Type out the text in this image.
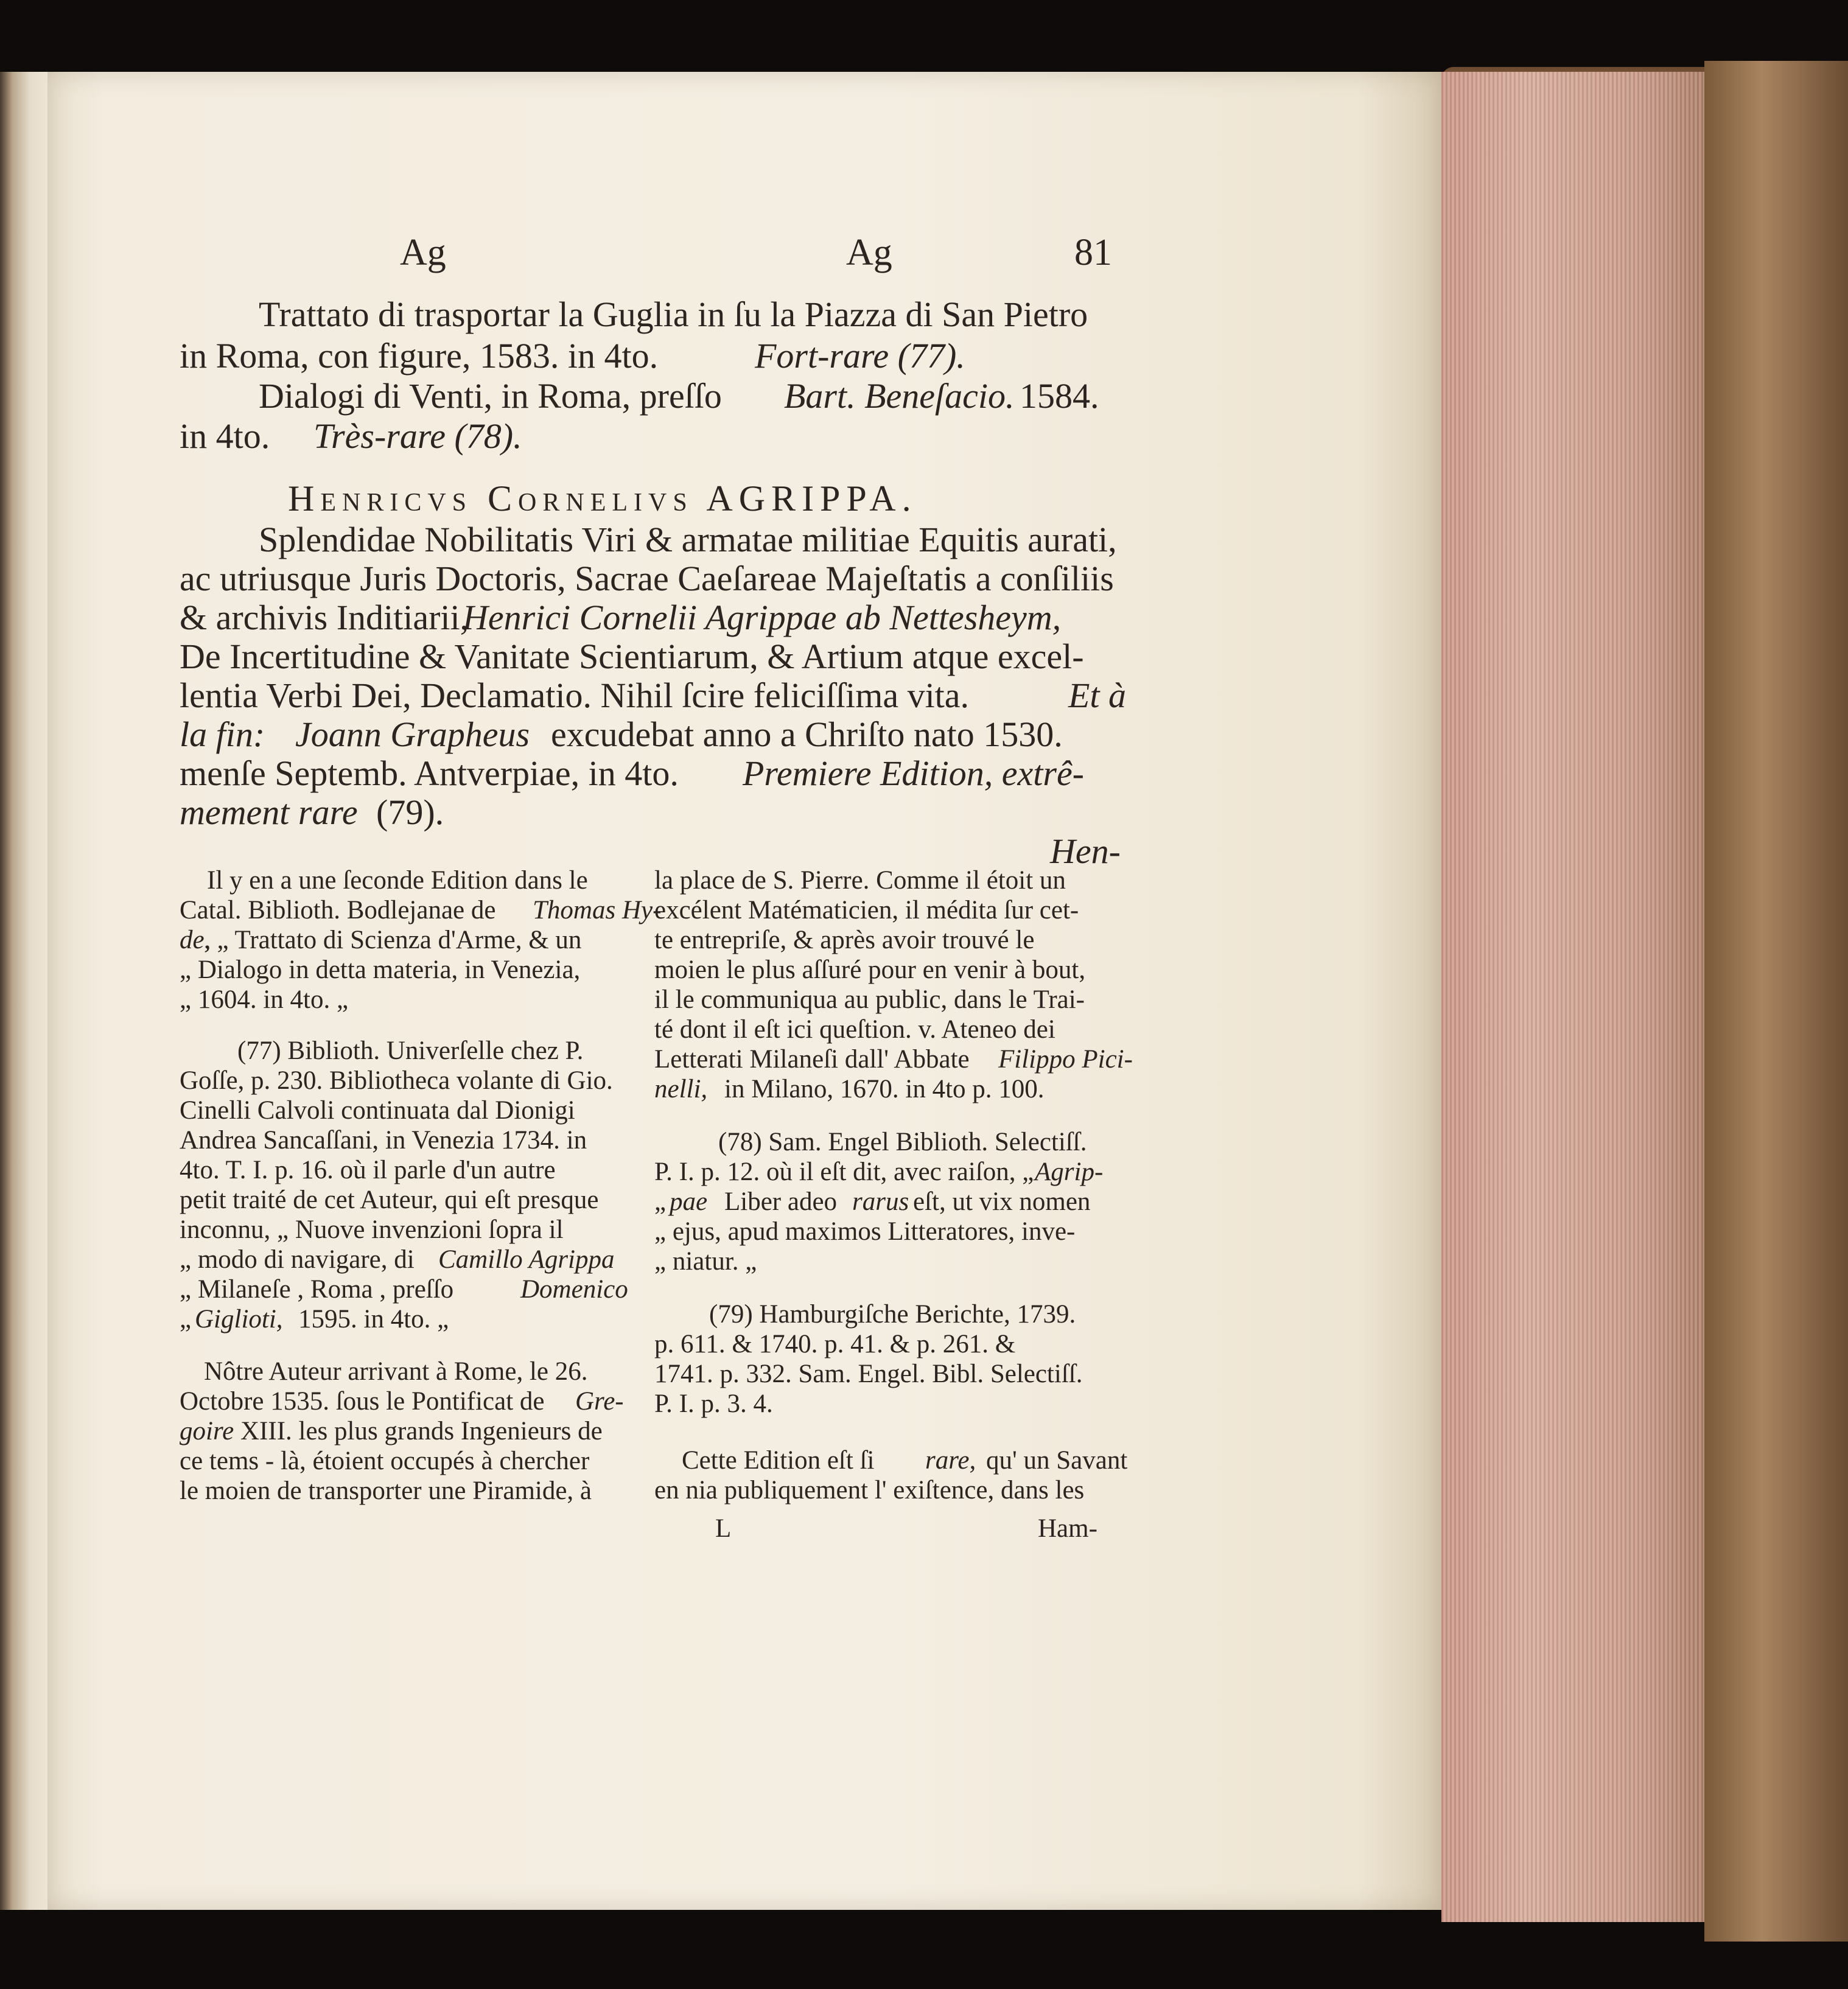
Ag	Ag	81
Trattato di trasportar la Guglia in ſu la Piazza di San Pietro
in Roma, con figure, 1583. in 4to.	Fort-rare (77).
Dialogi di Venti, in Roma, preſſo Bart. Beneſacio. 1584.
in 4to. Très-rare (78).
Henricvs Cornelivs AGRIPPA.
Splendidae Nobilitatis Viri & armatae militiae Equitis aurati,
ac utriusque Juris Doctoris, Sacrae Caeſareae Majeſtatis a conſiliis
& archivis Inditiarii,
Henrici Cornelii Agrippae ab Nettesheym,
De Incertitudine & Vanitate Scientiarum, & Artium atque excel-
lentia Verbi Dei, Declamatio. Nihil ſcire feliciſſima vita.	Et à
la fin: Joann Grapheus excudebat anno a Chriſto nato 1530.
menſe Septemb. Antverpiae, in 4to. Premiere Edition, extrê-
mement rare (79).
Hen-
Il y en a une ſeconde Edition dans le
Catal. Biblioth. Bodlejanae de Thomas Hy-
de,
, „ Trattato di Scienza d'Arme, & un
„ Dialogo in detta materia, in Venezia,
„ 1604. in 4to. „
(77) Biblioth. Univerſelle chez P.
Goſſe, p. 230. Bibliotheca volante di Gio.
Cinelli Calvoli continuata dal Dionigi
Andrea Sancaſſani, in Venezia 1734. in
4to. T. I. p. 16. où il parle d'un autre
petit traité de cet Auteur, qui eſt presque
inconnu, „ Nuove invenzioni ſopra il
„ modo di navigare, di Camillo Agrippa
„ Milaneſe , Roma , preſſo	Domenico
„ Giglioti, 1595. in 4to. „
Nôtre Auteur arrivant à Rome, le 26.
Octobre 1535. ſous le Pontificat de Gre-
goire XIII. les plus grands Ingenieurs de
ce tems - là, étoient occupés à chercher
le moien de transporter une Piramide, à
la place de S. Pierre. Comme il étoit un
excélent Matématicien, il médita ſur cet-
te entrepriſe, & après avoir trouvé le
moien le plus aſſuré pour en venir à bout,
il le communiqua au public, dans le Trai-
té dont il eſt ici queſtion. v. Ateneo dei
Letterati Milaneſi dall' Abbate Filippo Pici-
nelli, in Milano, 1670. in 4to p. 100.
(78) Sam. Engel Biblioth. Selectiſſ.
P. I. p. 12. où il eſt dit, avec raiſon, „ Agrip-
„ pae Liber adeo rarus eſt, ut vix nomen
„ ejus, apud maximos Litteratores, inve-
„ niatur. „
(79) Hamburgiſche Berichte, 1739.
p. 611. & 1740. p. 41. & p. 261. &
1741. p. 332. Sam. Engel. Bibl. Selectiſſ.
P. I. p. 3. 4.
Cette Edition eſt ſi rare, qu' un Savant
en nia publiquement l' exiſtence, dans les
L	Ham-
